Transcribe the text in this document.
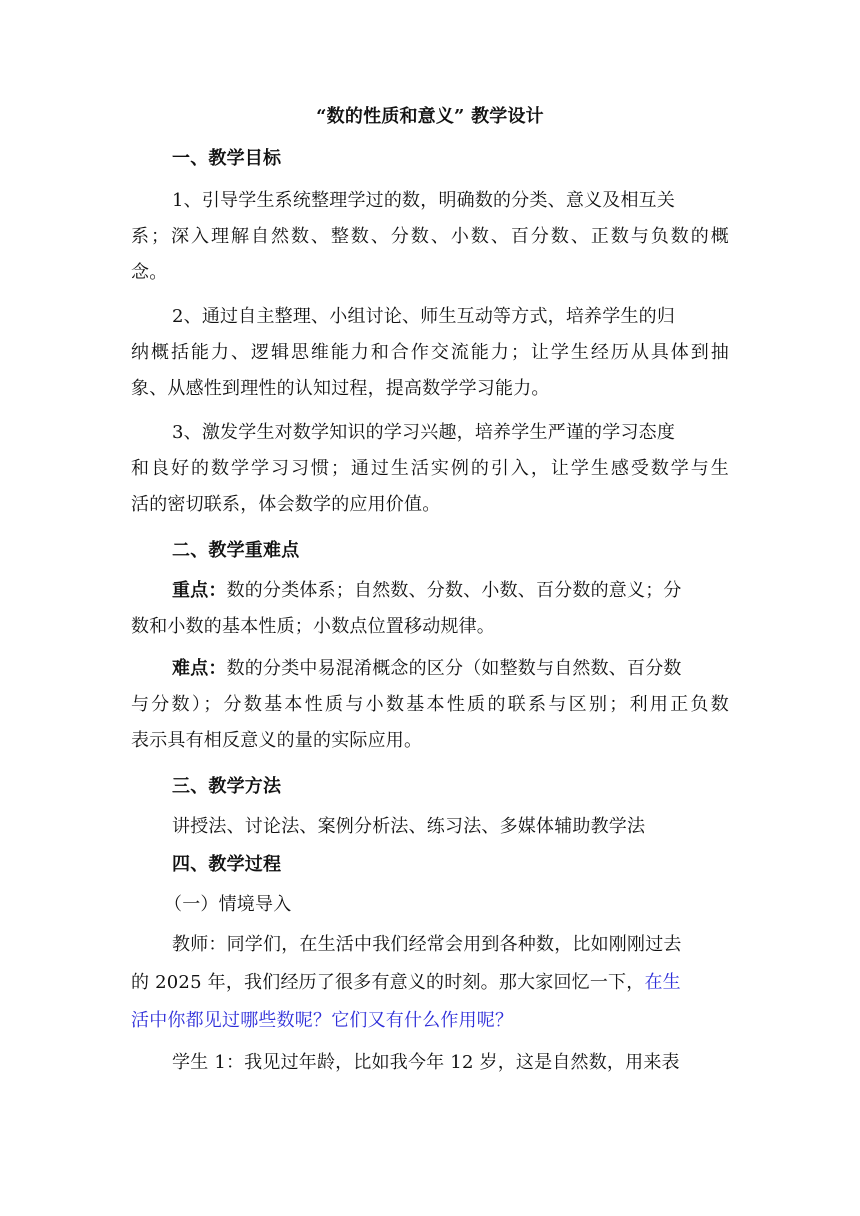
“数的性质和意义” 教学设计
一、教学目标
1、引导学生系统整理学过的数，明确数的分类、意义及相互关
系；深入理解自然数、整数、分数、小数、百分数、正数与负数的概
念。
2、通过自主整理、小组讨论、师生互动等方式，培养学生的归
纳概括能力、逻辑思维能力和合作交流能力；让学生经历从具体到抽
象、从感性到理性的认知过程，提高数学学习能力。
3、激发学生对数学知识的学习兴趣，培养学生严谨的学习态度
和良好的数学学习习惯；通过生活实例的引入，让学生感受数学与生
活的密切联系，体会数学的应用价值。
二、教学重难点
重点：数的分类体系；自然数、分数、小数、百分数的意义；分
数和小数的基本性质；小数点位置移动规律。
难点：数的分类中易混淆概念的区分（如整数与自然数、百分数
与分数）；分数基本性质与小数基本性质的联系与区别；利用正负数
表示具有相反意义的量的实际应用。
三、教学方法
讲授法、讨论法、案例分析法、练习法、多媒体辅助教学法
四、教学过程
（一）情境导入
教师：同学们，在生活中我们经常会用到各种数，比如刚刚过去
的 2025 年，我们经历了很多有意义的时刻。那大家回忆一下，在生
活中你都见过哪些数呢？它们又有什么作用呢？
学生 1：我见过年龄，比如我今年 12 岁，这是自然数，用来表
